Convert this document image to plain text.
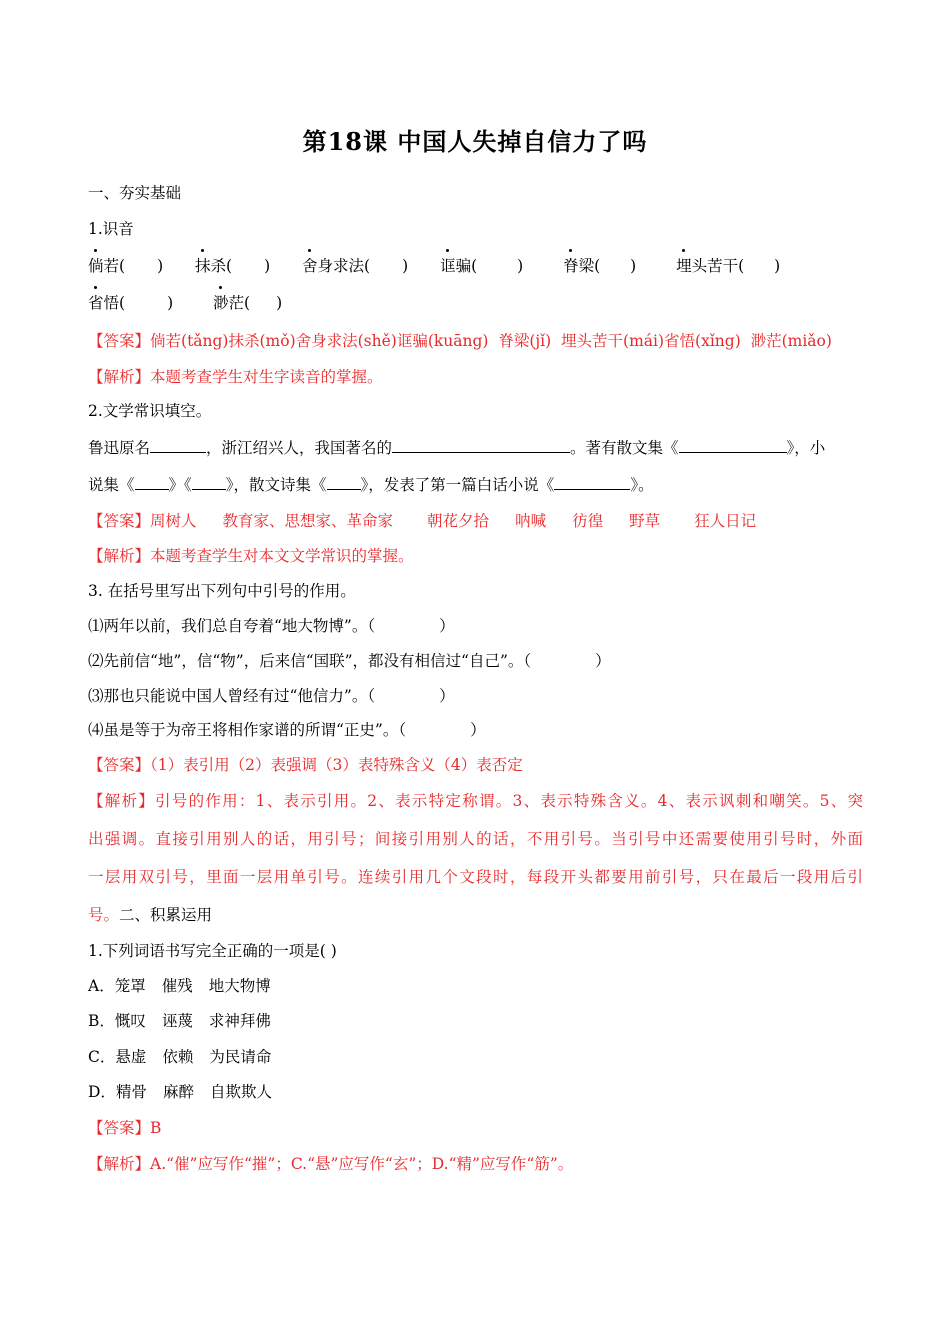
第18课 中国人失掉自信力了吗
一、夯实基础
1.识音
倘若( ) 抹杀( ) 舍身求法( ) 诓骗(	)	脊梁( )	埋头苦干( )
省悟(	)	渺茫( )
【答案】倘若(tǎng)抹杀(mǒ)舍身求法(shě)诓骗(kuāng) 脊梁(jǐ) 埋头苦干(mái)省悟(xǐng) 渺茫(miǎo)
【解析】本题考查学生对生字读音的掌握。
2.文学常识填空。
鲁迅原名	，浙江绍兴人，我国著名的	。著有散文集《	》，小
说集《 》《 》，散文诗集《 》，发表了第一篇白话小说《	》。
【答案】周树人 教育家、思想家、革命家 朝花夕拾 呐喊 彷徨 野草 狂人日记
【解析】本题考查学生对本文文学常识的掌握。
3. 在括号里写出下列句中引号的作用。
⑴两年以前，我们总自夸着“地大物博”。（	）
⑵先前信“地”，信“物”，后来信“国联”，都没有相信过“自己”。（	）
⑶那也只能说中国人曾经有过“他信力”。（	）
⑷虽是等于为帝王将相作家谱的所谓“正史”。（	）
【答案】（1）表引用（2）表强调（3）表特殊含义（4）表否定
【解析】引号的作用：1、表示引用。2、表示特定称谓。3、表示特殊含义。4、表示讽刺和嘲笑。5、突
出强调。直接引用别人的话，用引号；间接引用别人的话，不用引号。当引号中还需要使用引号时，外面
一层用双引号，里面一层用单引号。连续引用几个文段时，每段开头都要用前引号，只在最后一段用后引
号。二、积累运用
1.下列词语书写完全正确的一项是( )
A．笼罩 催残 地大物博
B．慨叹 诬蔑 求神拜佛
C．悬虚 依赖 为民请命
D．精骨 麻醉 自欺欺人
【答案】B
【解析】A.“催”应写作“摧”；C.“悬”应写作“玄”；D.“精”应写作“筋”。
